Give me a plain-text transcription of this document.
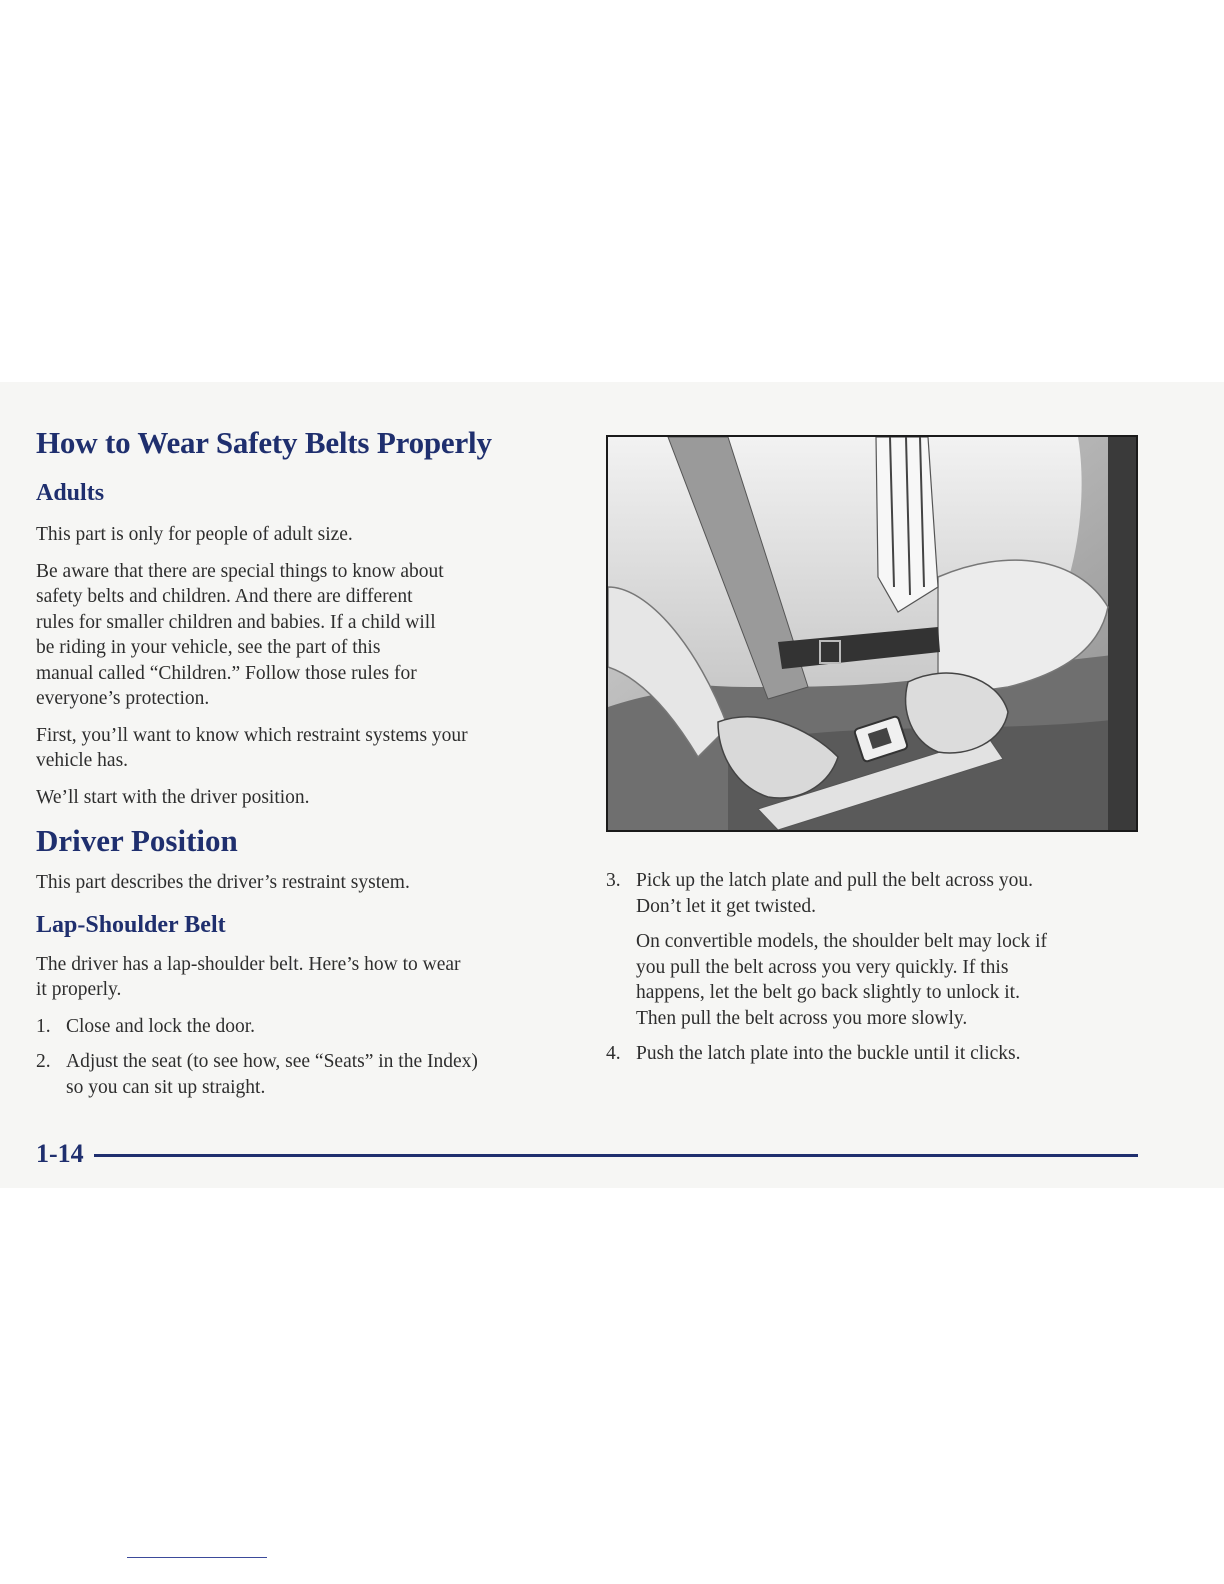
How to Wear Safety Belts Properly
Adults

This part is only for people of adult size.

Be aware that there are special things to know about
safety belts and children. And there are different
rules for smaller children and babies. If a child will
be riding in your vehicle, see the part of this
manual called “Children.” Follow those rules for
everyone’s protection.

First, you’ll want to know which restraint systems your
vehicle has.

We’ll start with the driver position.

Driver Position

This part describes the driver’s restraint system.

Lap-Shoulder Belt

The driver has a lap-shoulder belt. Here’s how to wear
it properly.

1. Close and lock the door.
2. Adjust the seat (to see how, see “Seats” in the Index)
so you can sit up straight.
3. Pick up the latch plate and pull the belt across you.
Don’t let it get twisted.
On convertible models, the shoulder belt may lock if
you pull the belt across you very quickly. If this
happens, let the belt go back slightly to unlock it.
Then pull the belt across you more slowly.
4. Push the latch plate into the buckle until it clicks.
1-14
